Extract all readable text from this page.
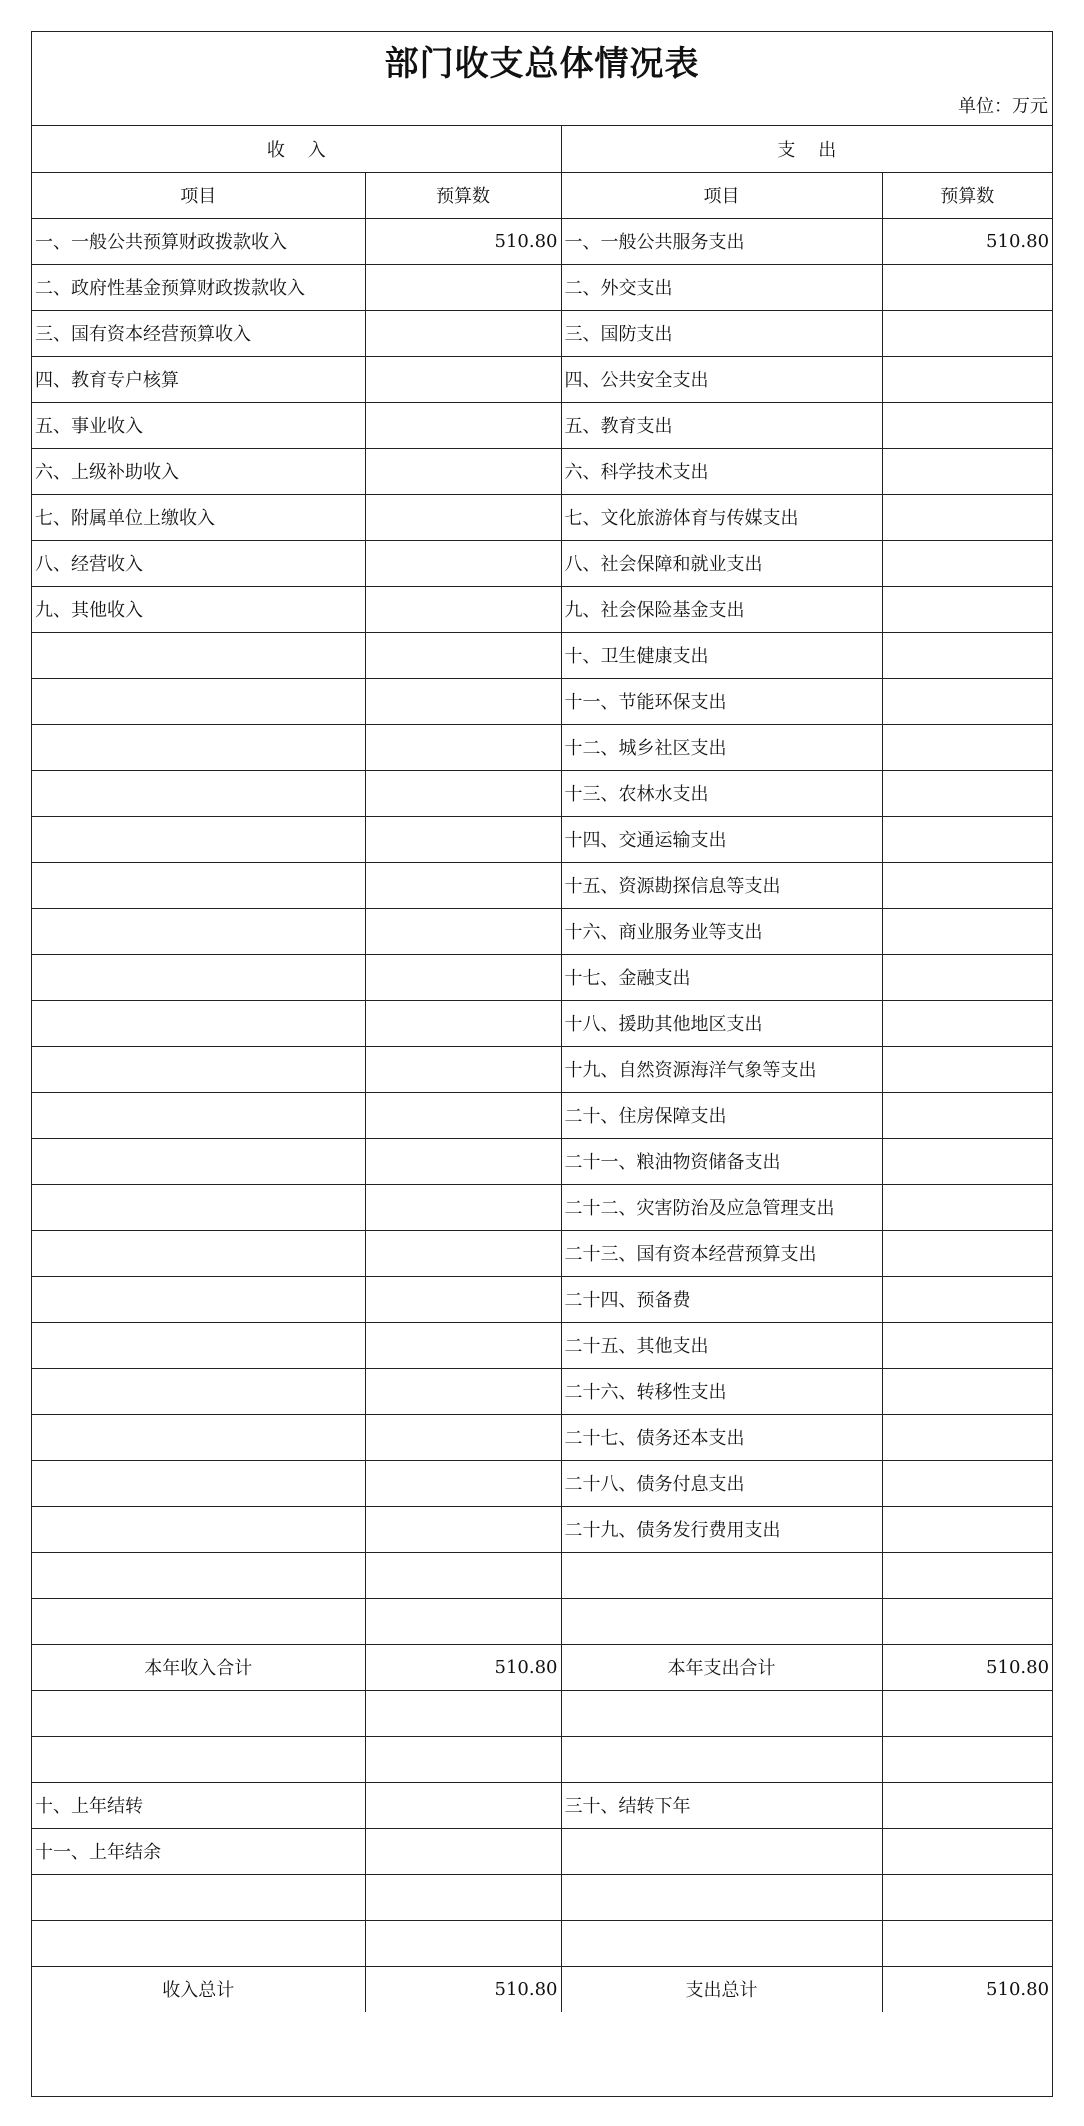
部门收支总体情况表
单位：万元
收    入		支    出	
项目	预算数	项目	预算数
一、一般公共预算财政拨款收入	510.80	一、一般公共服务支出	510.80
二、政府性基金预算财政拨款收入		二、外交支出	
三、国有资本经营预算收入		三、国防支出	
四、教育专户核算		四、公共安全支出	
五、事业收入		五、教育支出	
六、上级补助收入		六、科学技术支出	
七、附属单位上缴收入		七、文化旅游体育与传媒支出	
八、经营收入		八、社会保障和就业支出	
九、其他收入		九、社会保险基金支出	
		十、卫生健康支出	
		十一、节能环保支出	
		十二、城乡社区支出	
		十三、农林水支出	
		十四、交通运输支出	
		十五、资源勘探信息等支出	
		十六、商业服务业等支出	
		十七、金融支出	
		十八、援助其他地区支出	
		十九、自然资源海洋气象等支出	
		二十、住房保障支出	
		二十一、粮油物资储备支出	
		二十二、灾害防治及应急管理支出	
		二十三、国有资本经营预算支出	
		二十四、预备费	
		二十五、其他支出	
		二十六、转移性支出	
		二十七、债务还本支出	
		二十八、债务付息支出	
		二十九、债务发行费用支出	

本年收入合计	510.80	本年支出合计	510.80

十、上年结转		三十、结转下年	
十一、上年结余			

收入总计	510.80	支出总计	510.80
